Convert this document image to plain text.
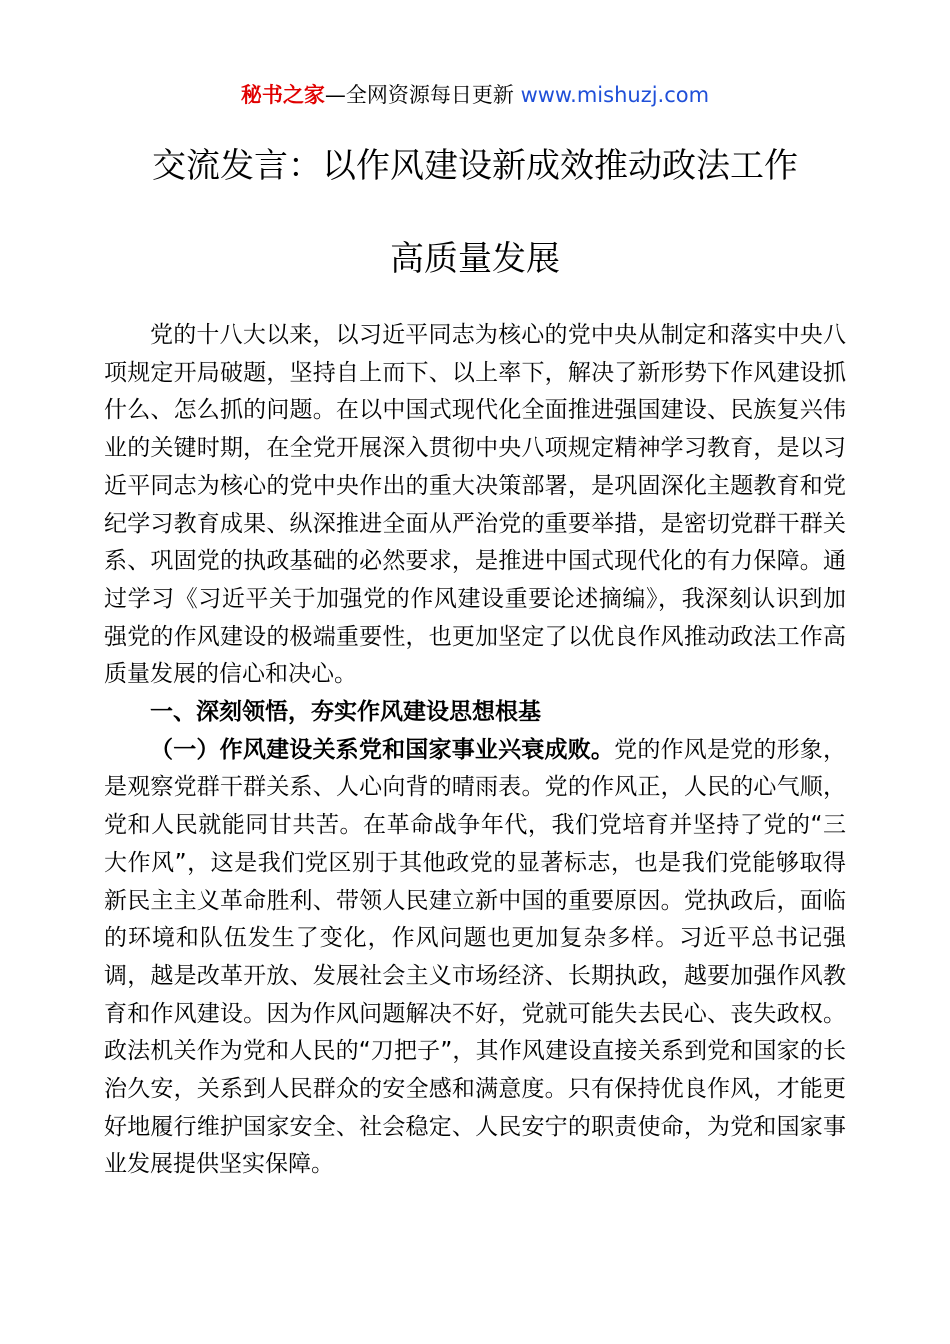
秘书之家—全网资源每日更新 www.mishuzj.com
交流发言：以作风建设新成效推动政法工作
高质量发展

党的十八大以来，以习近平同志为核心的党中央从制定和落实中央八项规定开局破题，坚持自上而下、以上率下，解决了新形势下作风建设抓什么、怎么抓的问题。在以中国式现代化全面推进强国建设、民族复兴伟业的关键时期，在全党开展深入贯彻中央八项规定精神学习教育，是以习近平同志为核心的党中央作出的重大决策部署，是巩固深化主题教育和党纪学习教育成果、纵深推进全面从严治党的重要举措，是密切党群干群关系、巩固党的执政基础的必然要求，是推进中国式现代化的有力保障。通过学习《习近平关于加强党的作风建设重要论述摘编》，我深刻认识到加强党的作风建设的极端重要性，也更加坚定了以优良作风推动政法工作高质量发展的信心和决心。

一、深刻领悟，夯实作风建设思想根基

（一）作风建设关系党和国家事业兴衰成败。党的作风是党的形象，是观察党群干群关系、人心向背的晴雨表。党的作风正，人民的心气顺，党和人民就能同甘共苦。在革命战争年代，我们党培育并坚持了党的“三大作风”，这是我们党区别于其他政党的显著标志，也是我们党能够取得新民主主义革命胜利、带领人民建立新中国的重要原因。党执政后，面临的环境和队伍发生了变化，作风问题也更加复杂多样。习近平总书记强调，越是改革开放、发展社会主义市场经济、长期执政，越要加强作风教育和作风建设。因为作风问题解决不好，党就可能失去民心、丧失政权。政法机关作为党和人民的“刀把子”，其作风建设直接关系到党和国家的长治久安，关系到人民群众的安全感和满意度。只有保持优良作风，才能更好地履行维护国家安全、社会稳定、人民安宁的职责使命，为党和国家事业发展提供坚实保障。
